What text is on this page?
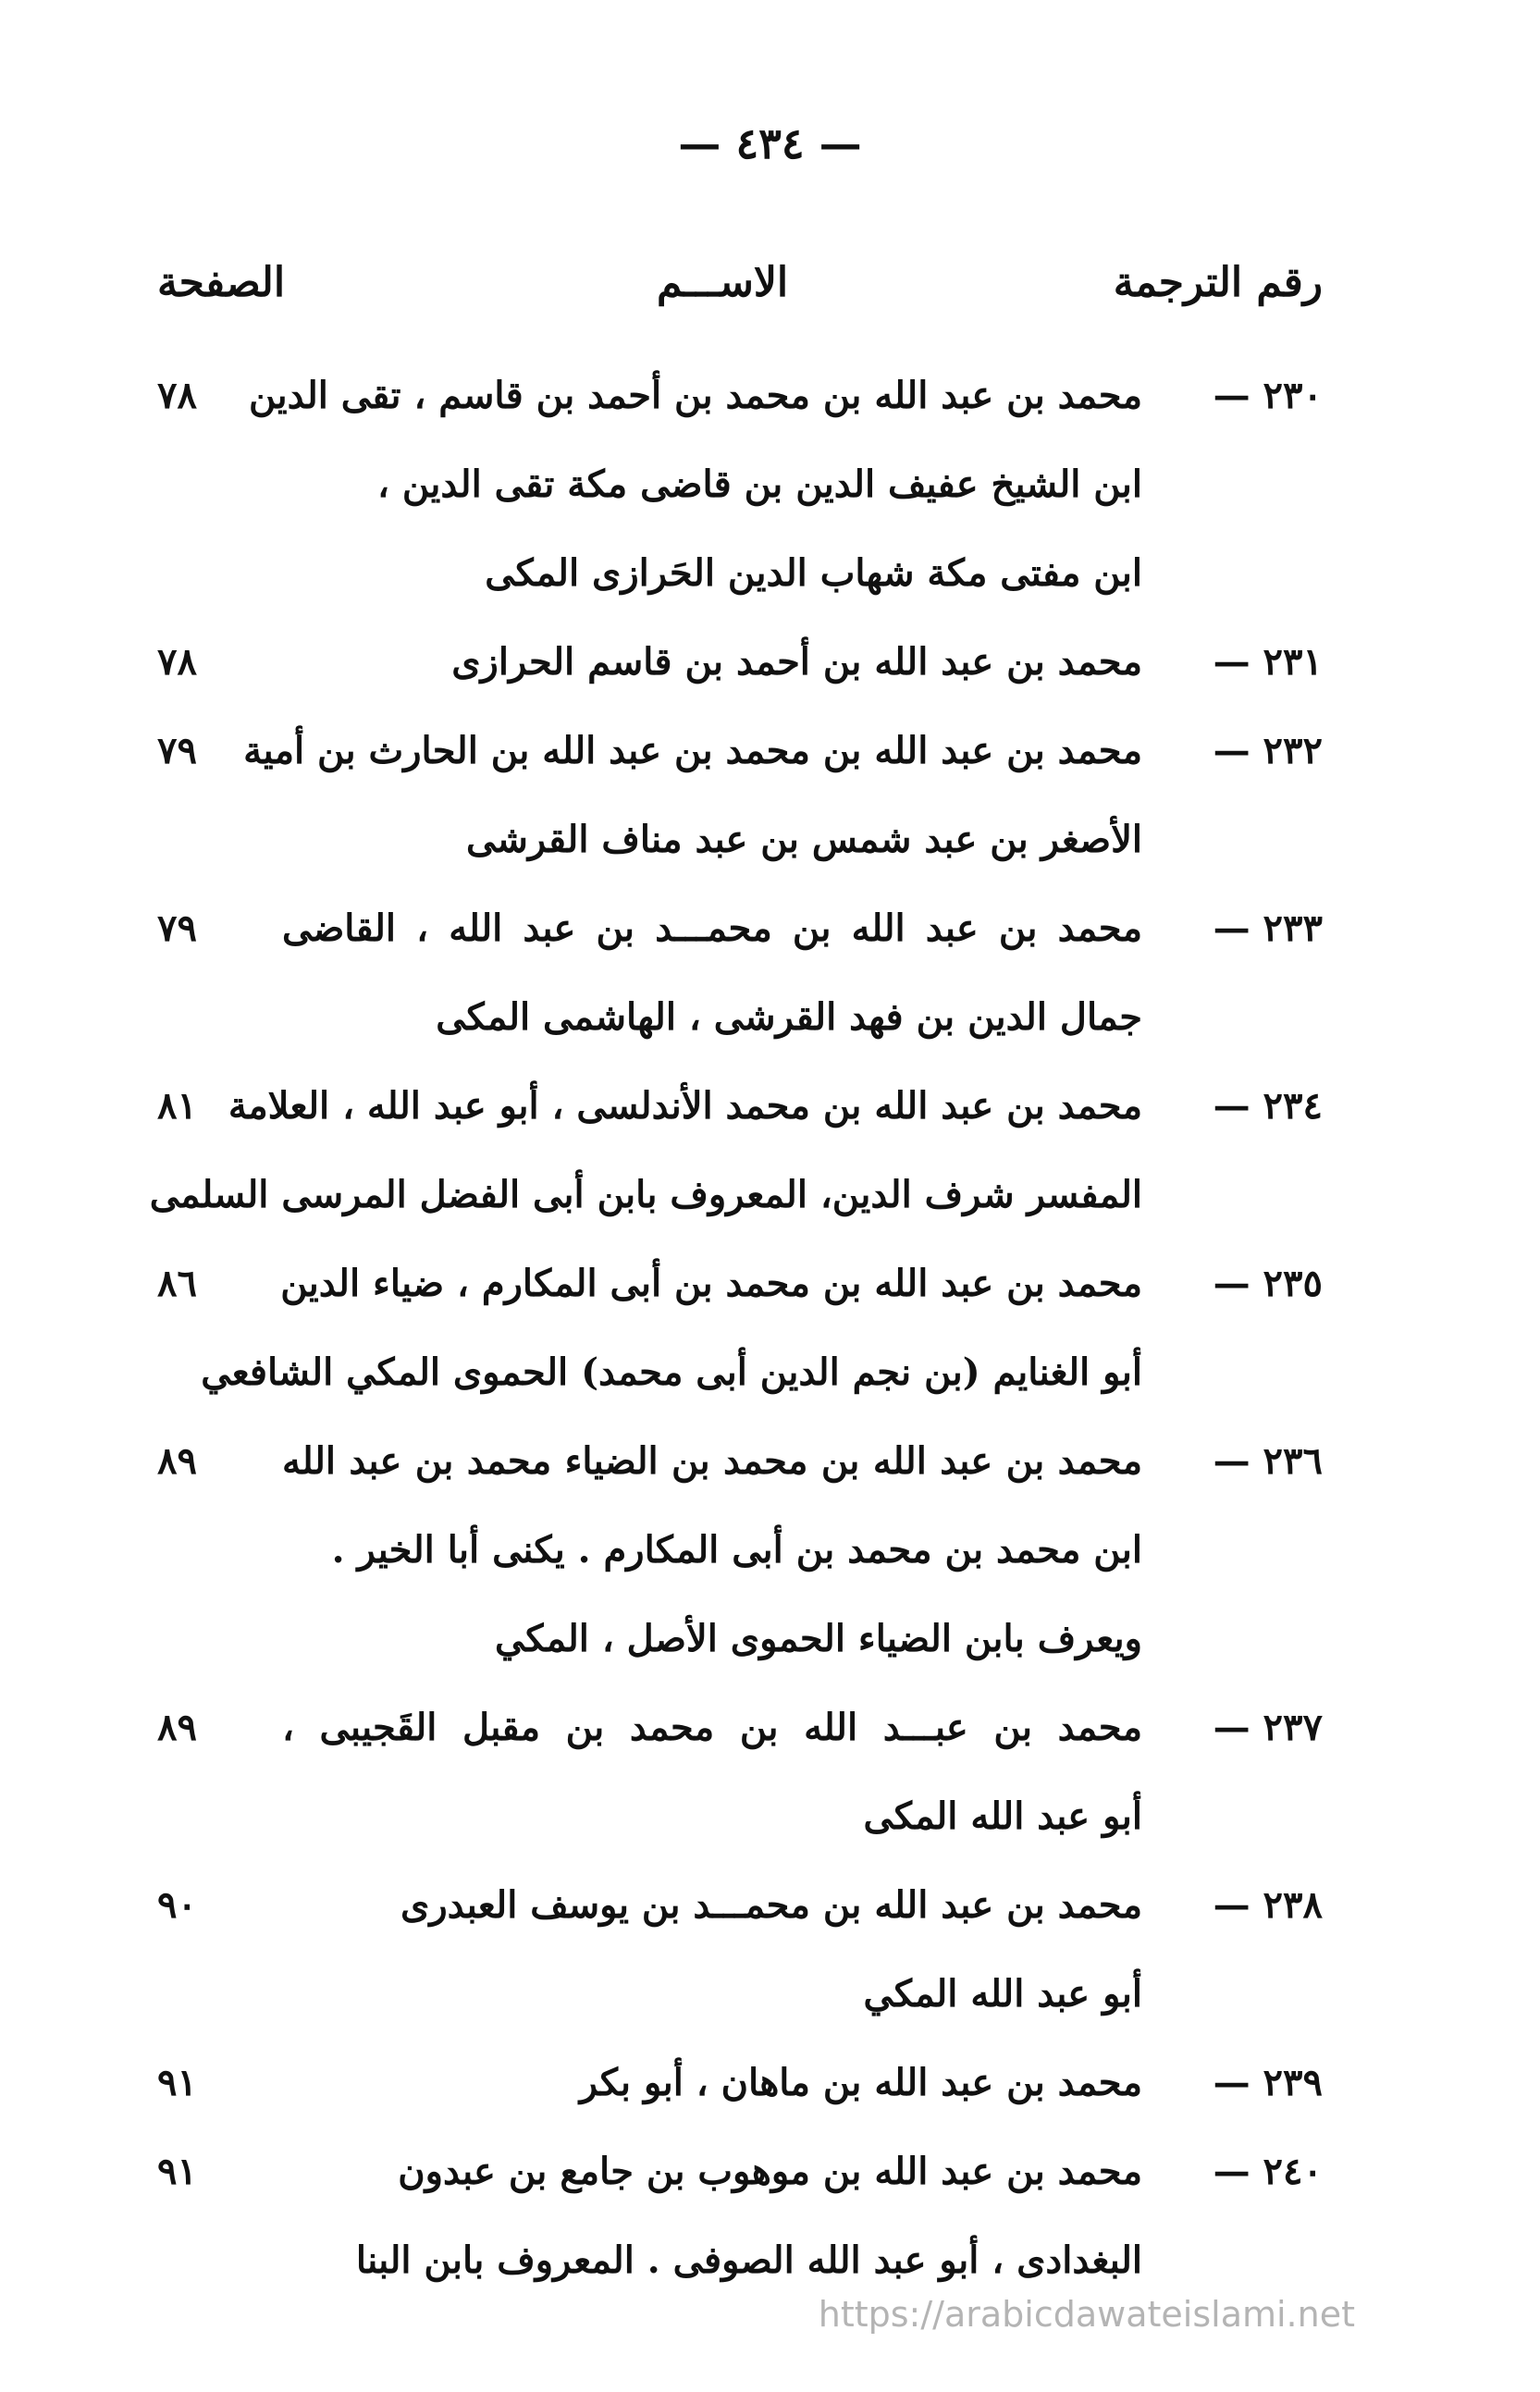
— ٤٣٤ —
رقم الترجمة
الاســـم
الصفحة
٢٣٠ —
محمد بن عبد الله بن محمد بن أحمد بن قاسم ، تقى الدين
٧٨
ابن الشيخ عفيف الدين بن قاضى مكة تقى الدين ،
ابن مفتى مكة شهاب الدين الحَرازى المكى
٢٣١ —
محمد بن عبد الله بن أحمد بن قاسم الحرازى
٧٨
٢٣٢ —
محمد بن عبد الله بن محمد بن عبد الله بن الحارث بن أمية
٧٩
الأصغر بن عبد شمس بن عبد مناف القرشى
٢٣٣ —
محمد بن عبد الله بن محمـــد بن عبد الله ، القاضى
٧٩
جمال الدين بن فهد القرشى ، الهاشمى المكى
٢٣٤ —
محمد بن عبد الله بن محمد الأندلسى ، أبو عبد الله ، العلامة
٨١
المفسر شرف الدين، المعروف بابن أبى الفضل المرسى السلمى
٢٣٥ —
محمد بن عبد الله بن محمد بن أبى المكارم ، ضياء الدين
٨٦
أبو الغنايم (بن نجم الدين أبى محمد) الحموى المكي الشافعي
٢٣٦ —
محمد بن عبد الله بن محمد بن الضياء محمد بن عبد الله
٨٩
ابن محمد بن محمد بن أبى المكارم . يكنى أبا الخير .
ويعرف بابن الضياء الحموى الأصل ، المكي
٢٣٧ —
محمد بن عبـــد الله بن محمد بن مقبل القَجيبى ،
٨٩
أبو عبد الله المكى
٢٣٨ —
محمد بن عبد الله بن محمـــد بن يوسف العبدرى
٩٠
أبو عبد الله المكي
٢٣٩ —
محمد بن عبد الله بن ماهان ، أبو بكر
٩١
٢٤٠ —
محمد بن عبد الله بن موهوب بن جامع بن عبدون
٩١
البغدادى ، أبو عبد الله الصوفى . المعروف بابن البنا
https://arabicdawateislami.net
